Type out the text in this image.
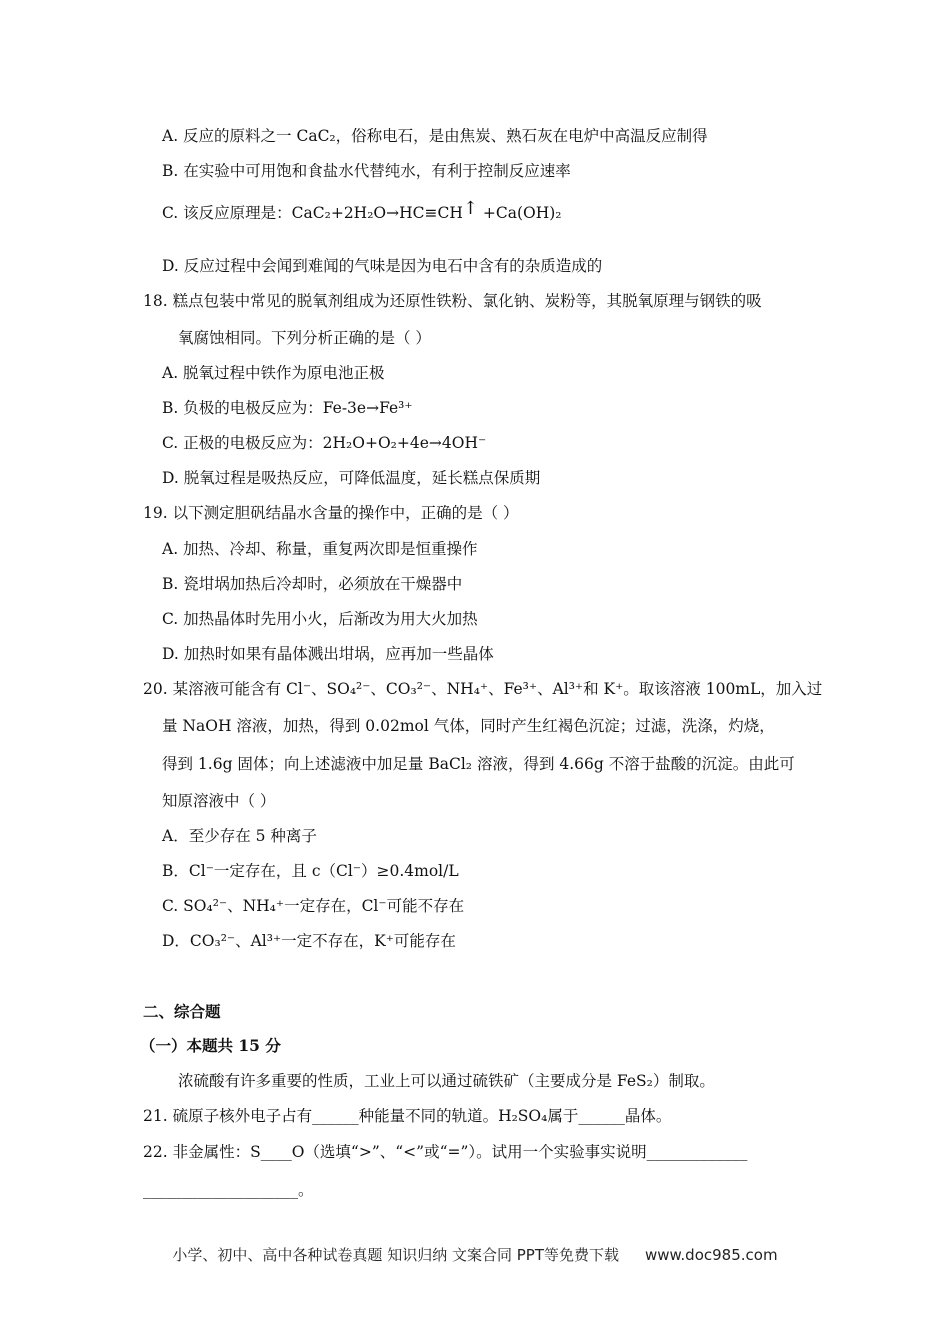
A. 反应的原料之一 CaC₂，俗称电石，是由焦炭、熟石灰在电炉中高温反应制得
B. 在实验中可用饱和食盐水代替纯水，有利于控制反应速率
C. 该反应原理是：CaC₂+2H₂O→HC≡CH↑ +Ca(OH)₂
D. 反应过程中会闻到难闻的气味是因为电石中含有的杂质造成的
18. 糕点包装中常见的脱氧剂组成为还原性铁粉、氯化钠、炭粉等，其脱氧原理与钢铁的吸
氧腐蚀相同。下列分析正确的是（ ）
A. 脱氧过程中铁作为原电池正极
B. 负极的电极反应为：Fe-3e→Fe³⁺
C. 正极的电极反应为：2H₂O+O₂+4e→4OH⁻
D. 脱氧过程是吸热反应，可降低温度，延长糕点保质期
19. 以下测定胆矾结晶水含量的操作中，正确的是（ ）
A. 加热、冷却、称量，重复两次即是恒重操作
B. 瓷坩埚加热后冷却时，必须放在干燥器中
C. 加热晶体时先用小火，后渐改为用大火加热
D. 加热时如果有晶体溅出坩埚，应再加一些晶体
20. 某溶液可能含有 Cl⁻、SO₄²⁻、CO₃²⁻、NH₄⁺、Fe³⁺、Al³⁺和 K⁺。取该溶液 100mL，加入过
量 NaOH 溶液，加热，得到 0.02mol 气体，同时产生红褐色沉淀；过滤，洗涤，灼烧，
得到 1.6g 固体；向上述滤液中加足量 BaCl₂ 溶液，得到 4.66g 不溶于盐酸的沉淀。由此可
知原溶液中（ ）
A．至少存在 5 种离子
B．Cl⁻一定存在，且 c（Cl⁻）≥0.4mol/L
C. SO₄²⁻、NH₄⁺一定存在，Cl⁻可能不存在
D．CO₃²⁻、Al³⁺一定不存在，K⁺可能存在
二、综合题
（一）本题共 15 分
浓硫酸有许多重要的性质，工业上可以通过硫铁矿（主要成分是 FeS₂）制取。
21. 硫原子核外电子占有______种能量不同的轨道。H₂SO₄属于______晶体。
22. 非金属性：S____O（选填“>”、“<”或“=”）。试用一个实验事实说明_____________
____________________。
小学、初中、高中各种试卷真题 知识归纳 文案合同 PPT等免费下载 www.doc985.com
